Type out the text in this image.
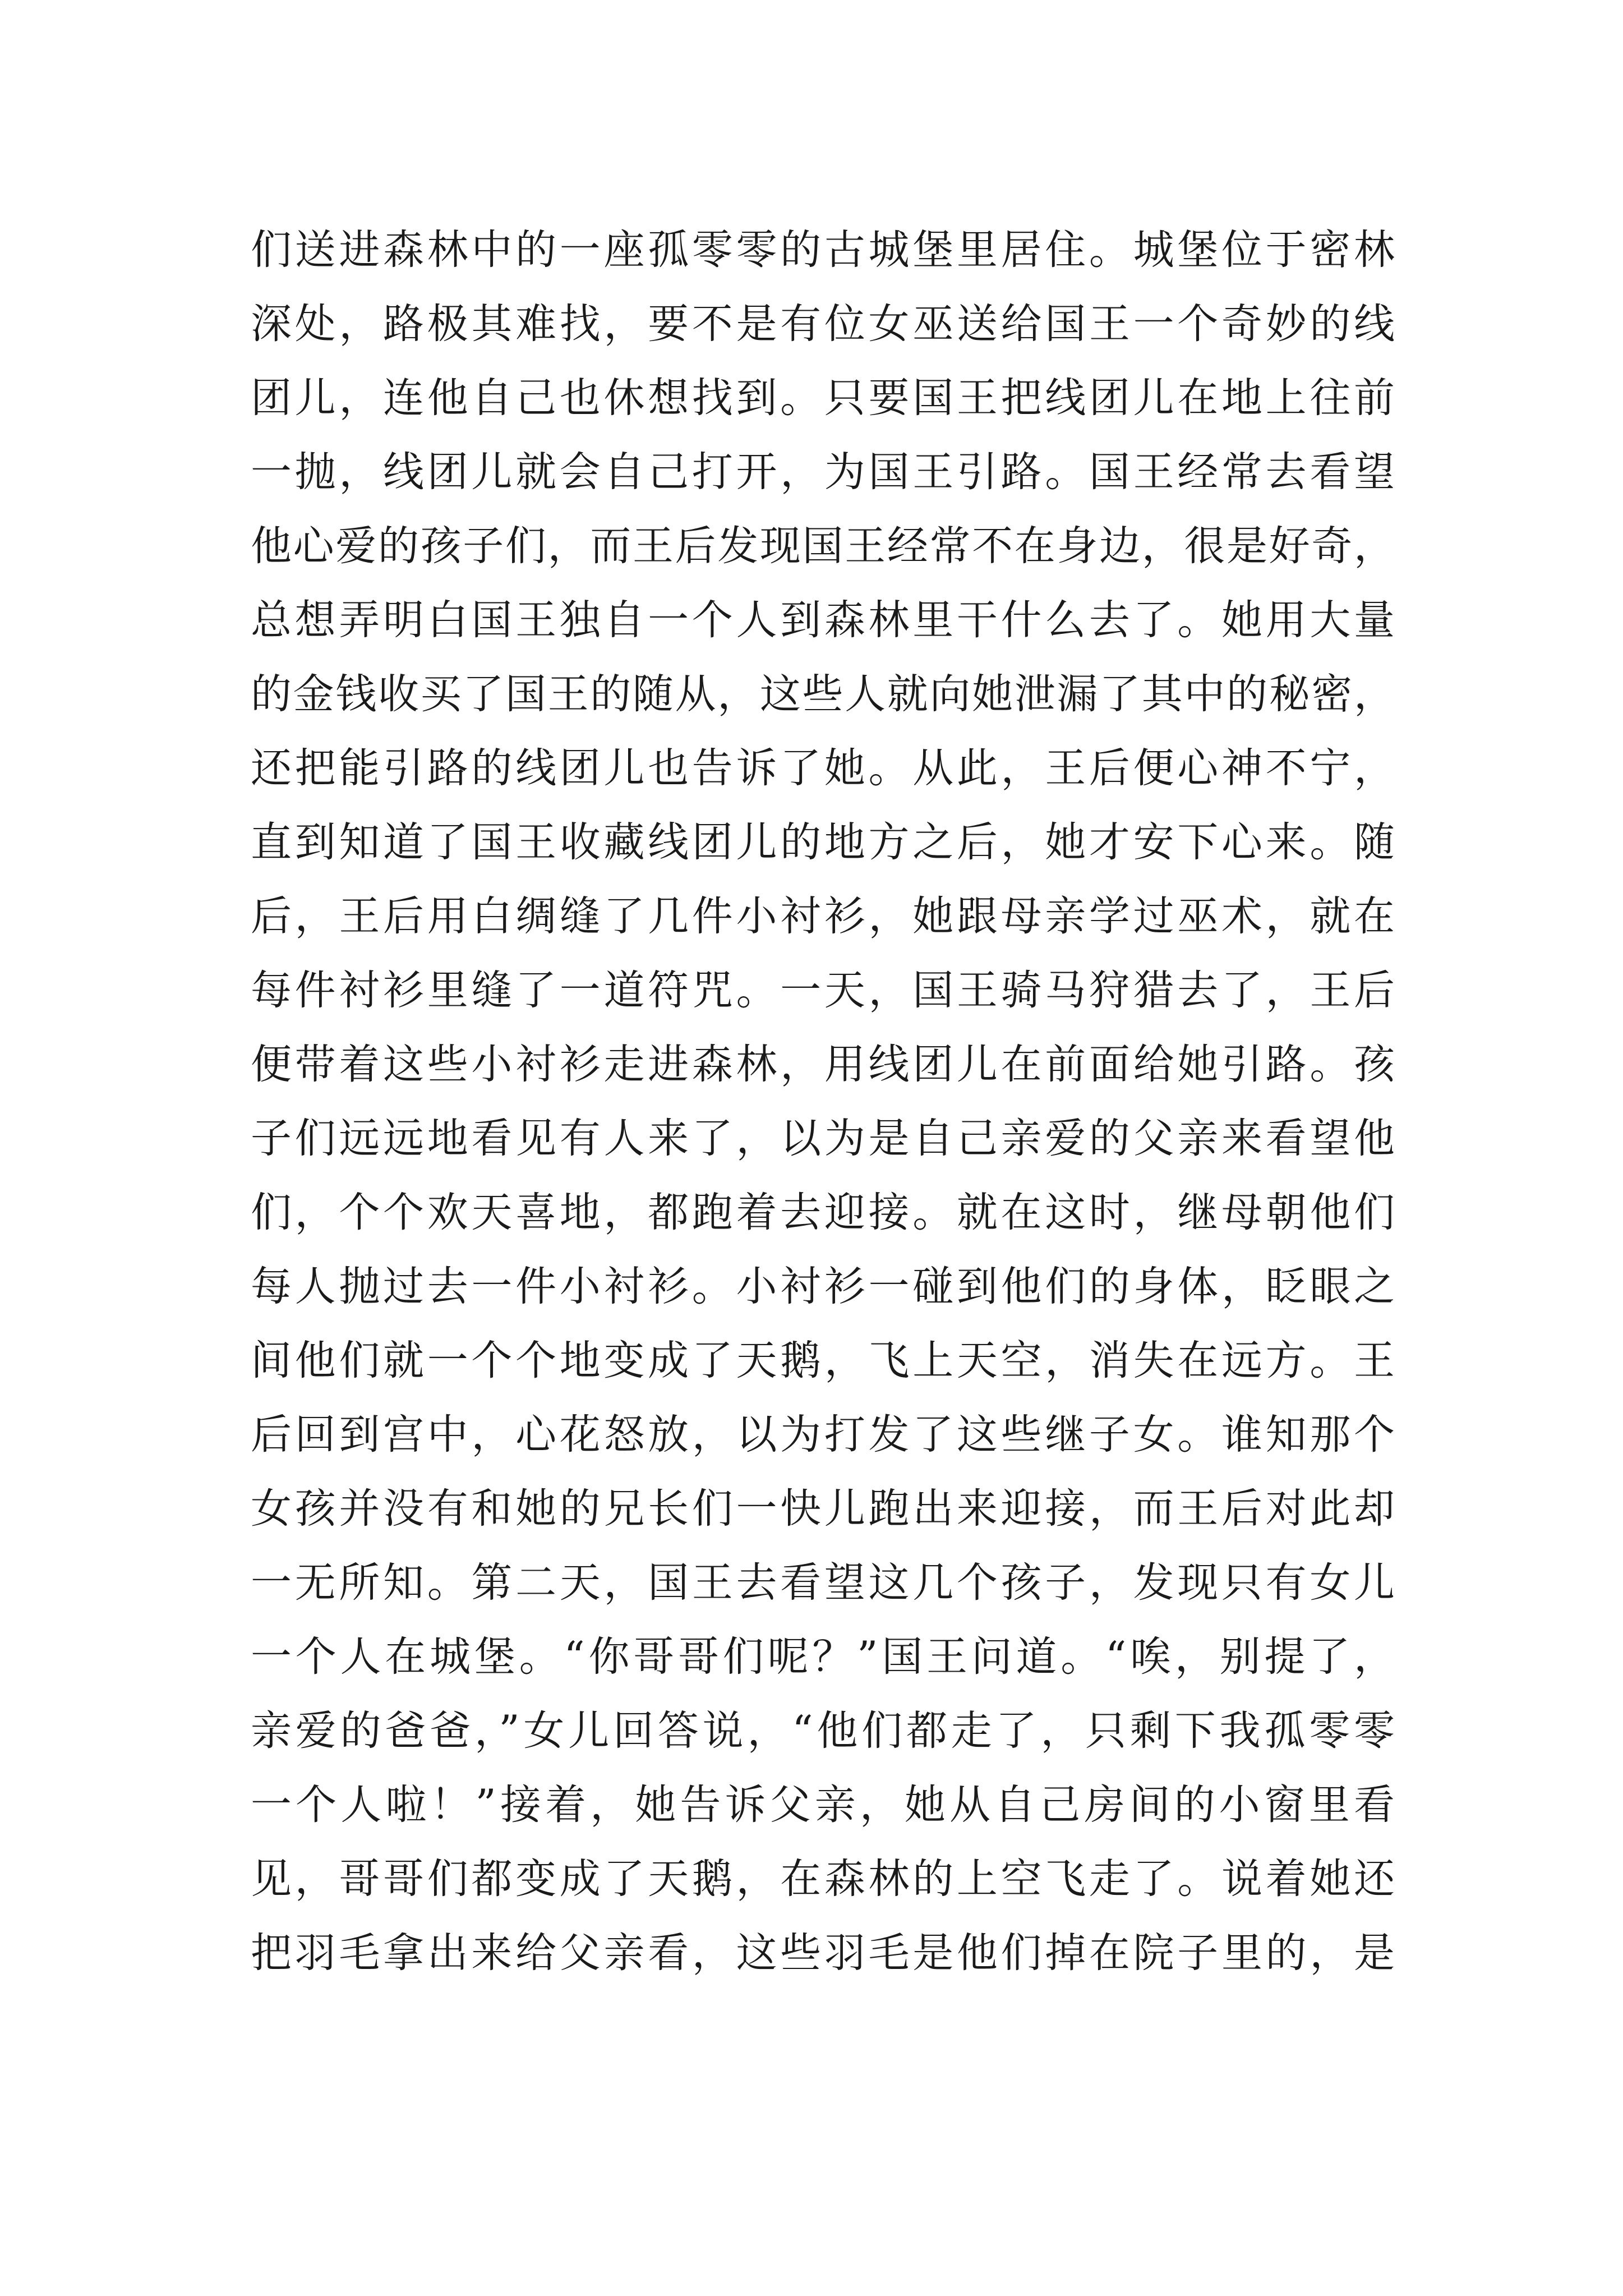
们送进森林中的一座孤零零的古城堡里居住。城堡位于密林
深处，路极其难找，要不是有位女巫送给国王一个奇妙的线
团儿，连他自己也休想找到。只要国王把线团儿在地上往前
一抛，线团儿就会自己打开，为国王引路。国王经常去看望
他心爱的孩子们，而王后发现国王经常不在身边，很是好奇，
总想弄明白国王独自一个人到森林里干什么去了。她用大量
的金钱收买了国王的随从，这些人就向她泄漏了其中的秘密，
还把能引路的线团儿也告诉了她。从此，王后便心神不宁，
直到知道了国王收藏线团儿的地方之后，她才安下心来。随
后，王后用白绸缝了几件小衬衫，她跟母亲学过巫术，就在
每件衬衫里缝了一道符咒。一天，国王骑马狩猎去了，王后
便带着这些小衬衫走进森林，用线团儿在前面给她引路。孩
子们远远地看见有人来了，以为是自己亲爱的父亲来看望他
们，个个欢天喜地，都跑着去迎接。就在这时，继母朝他们
每人抛过去一件小衬衫。小衬衫一碰到他们的身体，眨眼之
间他们就一个个地变成了天鹅，飞上天空，消失在远方。王
后回到宫中，心花怒放，以为打发了这些继子女。谁知那个
女孩并没有和她的兄长们一快儿跑出来迎接，而王后对此却
一无所知。第二天，国王去看望这几个孩子，发现只有女儿
一个人在城堡。“你哥哥们呢？”国王问道。“唉，别提了，
亲爱的爸爸，”女儿回答说，“他们都走了，只剩下我孤零零
一个人啦！”接着，她告诉父亲，她从自己房间的小窗里看
见，哥哥们都变成了天鹅，在森林的上空飞走了。说着她还
把羽毛拿出来给父亲看，这些羽毛是他们掉在院子里的，是
